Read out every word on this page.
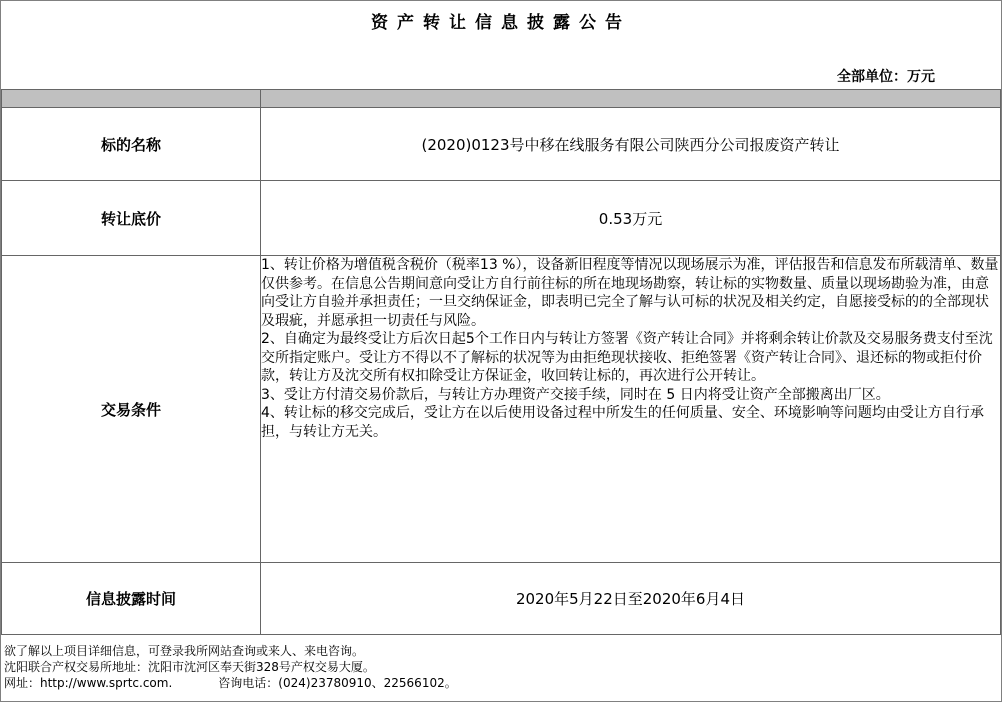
资产转让信息披露公告
全部单位：万元

标的名称	(2020)0123号中移在线服务有限公司陕西分公司报废资产转让
转让底价	0.53万元
交易条件	1、转让价格为增值税含税价（税率13 %），设备新旧程度等情况以现场展示为准，评估报告和信息发布所载清单、数量仅供参考。在信息公告期间意向受让方自行前往标的所在地现场勘察，转让标的实物数量、质量以现场勘验为准，由意向受让方自验并承担责任；一旦交纳保证金，即表明已完全了解与认可标的状况及相关约定，自愿接受标的的全部现状及瑕疵，并愿承担一切责任与风险。

2、自确定为最终受让方后次日起5个工作日内与转让方签署《资产转让合同》并将剩余转让价款及交易服务费支付至沈交所指定账户。受让方不得以不了解标的状况等为由拒绝现状接收、拒绝签署《资产转让合同》、退还标的物或拒付价款，转让方及沈交所有权扣除受让方保证金，收回转让标的，再次进行公开转让。

3、受让方付清交易价款后，与转让方办理资产交接手续，同时在 5 日内将受让资产全部搬离出厂区。

4、转让标的移交完成后，受让方在以后使用设备过程中所发生的任何质量、安全、环境影响等问题均由受让方自行承担，与转让方无关。

信息披露时间	2020年5月22日至2020年6月4日
欲了解以上项目详细信息，可登录我所网站查询或来人、来电咨询。
沈阳联合产权交易所地址：沈阳市沈河区奉天街328号产权交易大厦。
网址：http://www.sprtc.com.	咨询电话：(024)23780910、22566102。
